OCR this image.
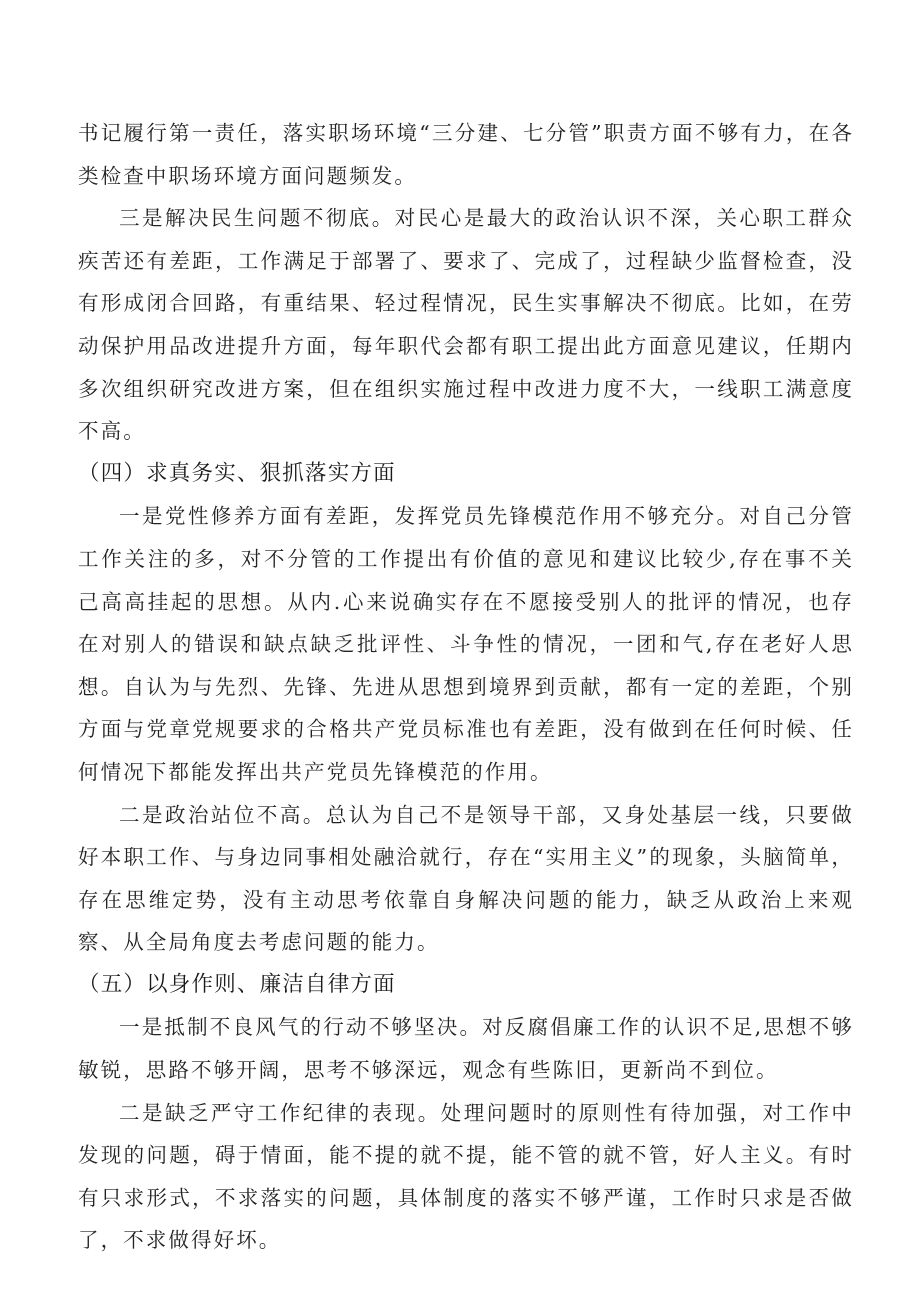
书记履行第一责任，落实职场环境“三分建、七分管”职责方面不够有力，在各类检查中职场环境方面问题频发。

三是解决民生问题不彻底。对民心是最大的政治认识不深，关心职工群众疾苦还有差距，工作满足于部署了、要求了、完成了，过程缺少监督检查，没有形成闭合回路，有重结果、轻过程情况，民生实事解决不彻底。比如，在劳动保护用品改进提升方面，每年职代会都有职工提出此方面意见建议，任期内多次组织研究改进方案，但在组织实施过程中改进力度不大，一线职工满意度不高。

（四）求真务实、狠抓落实方面

一是党性修养方面有差距，发挥党员先锋模范作用不够充分。对自己分管工作关注的多，对不分管的工作提出有价值的意见和建议比较少,存在事不关己高高挂起的思想。从内.心来说确实存在不愿接受别人的批评的情况，也存在对别人的错误和缺点缺乏批评性、斗争性的情况，一团和气,存在老好人思想。自认为与先烈、先锋、先进从思想到境界到贡献，都有一定的差距，个别方面与党章党规要求的合格共产党员标准也有差距，没有做到在任何时候、任何情况下都能发挥出共产党员先锋模范的作用。

二是政治站位不高。总认为自己不是领导干部，又身处基层一线，只要做好本职工作、与身边同事相处融洽就行，存在“实用主义”的现象，头脑简单，存在思维定势，没有主动思考依靠自身解决问题的能力，缺乏从政治上来观察、从全局角度去考虑问题的能力。

（五）以身作则、廉洁自律方面

一是抵制不良风气的行动不够坚决。对反腐倡廉工作的认识不足,思想不够敏锐，思路不够开阔，思考不够深远，观念有些陈旧，更新尚不到位。

二是缺乏严守工作纪律的表现。处理问题时的原则性有待加强，对工作中发现的问题，碍于情面，能不提的就不提，能不管的就不管，好人主义。有时有只求形式，不求落实的问题，具体制度的落实不够严谨，工作时只求是否做了，不求做得好坏。
